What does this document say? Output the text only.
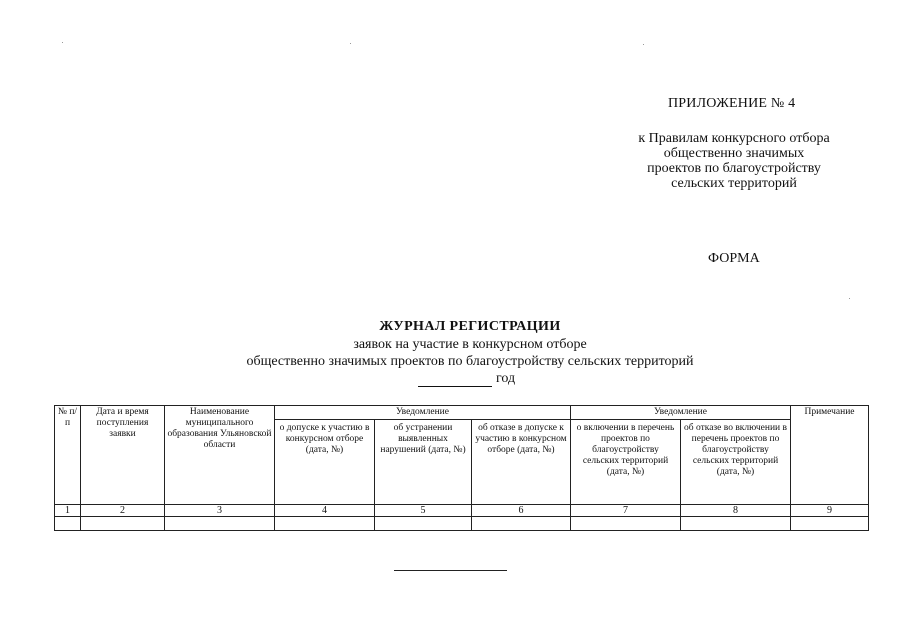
ПРИЛОЖЕНИЕ № 4
к Правилам конкурсного отбора
общественно значимых
проектов по благоустройству
сельских территорий
ФОРМА
ЖУРНАЛ РЕГИСТРАЦИИ
заявок на участие в конкурсном отборе
общественно значимых проектов по благоустройству сельских территорий
год
№ п/п	Дата и время поступления заявки	Наименование муниципального образования Ульяновской области	Уведомление			Уведомление		Примечание
			о допуске к участию в конкурсном отборе (дата, №)	об устранении выявленных нарушений (дата, №)	об отказе в допуске к участию в конкурсном отборе (дата, №)	о включении в перечень проектов по благоустройству сельских территорий (дата, №)	об отказе во включении в перечень проектов по благоустройству сельских территорий (дата, №)	
1	2	3	4	5	6	7	8	9
